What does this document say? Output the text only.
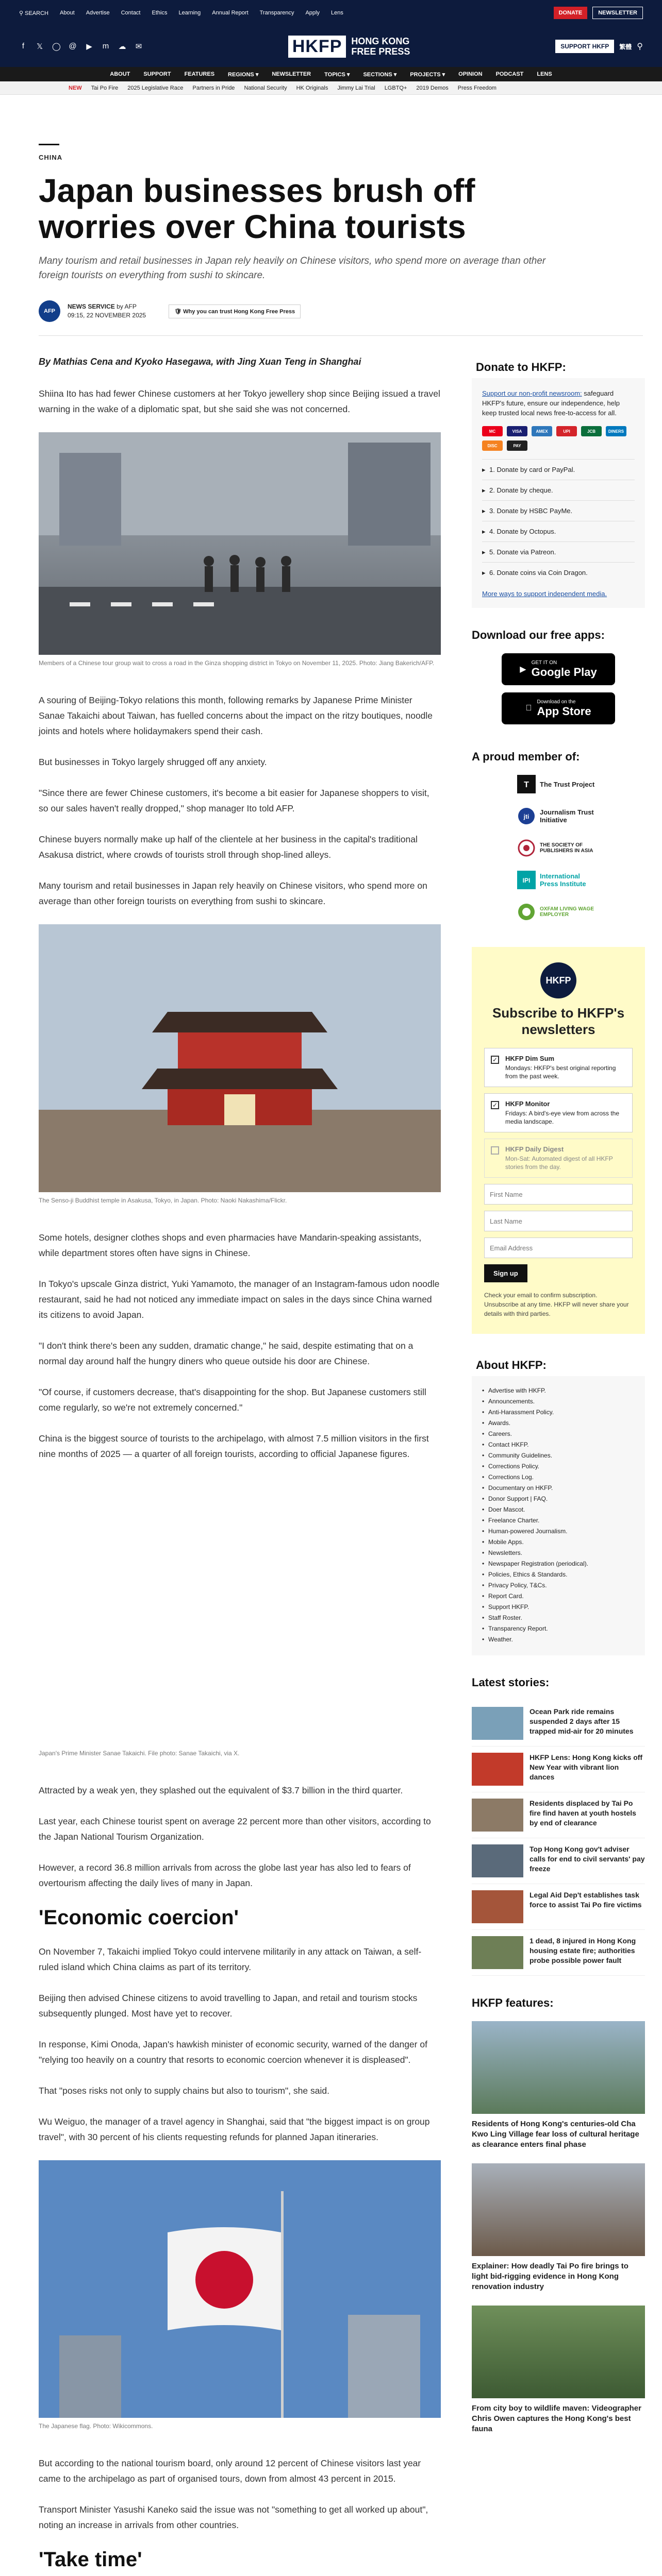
⚲ SEARCH About Advertise Contact Ethics Learning Annual Report Transparency Apply Lens	DONATE	NEWSLETTER
f	𝕏 ◯ @ ▶ m ☁ ✉	HKFP	HONG KONG
FREE PRESS	SUPPORT HKFP	繁體 ⚲
ABOUT SUPPORT FEATURES REGIONS ▾ NEWSLETTER TOPICS ▾ SECTIONS ▾ PROJECTS ▾ OPINION PODCAST LENS
NEW Tai Po Fire 2025 Legislative Race Partners in Pride National Security HK Originals Jimmy Lai Trial LGBTQ+ 2019 Demos Press Freedom
CHINA
Japan businesses brush off worries over China tourists
Many tourism and retail businesses in Japan rely heavily on Chinese visitors, who spend more on average than other foreign tourists on everything from sushi to skincare.
AFP
NEWS SERVICE by AFP
09:15, 22 NOVEMBER 2025
🛡 Why you can trust Hong Kong Free Press
By Mathias Cena and Kyoko Hasegawa, with Jing Xuan Teng in Shanghai

Shiina Ito has had fewer Chinese customers at her Tokyo jewellery shop since Beijing issued a travel warning in the wake of a diplomatic spat, but she said she was not concerned.

Members of a Chinese tour group wait to cross a road in the Ginza shopping district in Tokyo on November 11, 2025. Photo: Jiang Bakerich/AFP.

A souring of Beijing-Tokyo relations this month, following remarks by Japanese Prime Minister Sanae Takaichi about Taiwan, has fuelled concerns about the impact on the ritzy boutiques, noodle joints and hotels where holidaymakers spend their cash.

But businesses in Tokyo largely shrugged off any anxiety.

"Since there are fewer Chinese customers, it's become a bit easier for Japanese shoppers to visit, so our sales haven't really dropped," shop manager Ito told AFP.

Chinese buyers normally make up half of the clientele at her business in the capital's traditional Asakusa district, where crowds of tourists stroll through shop-lined alleys.

Many tourism and retail businesses in Japan rely heavily on Chinese visitors, who spend more on average than other foreign tourists on everything from sushi to skincare.

The Senso-ji Buddhist temple in Asakusa, Tokyo, in Japan. Photo: Naoki Nakashima/Flickr.

Some hotels, designer clothes shops and even pharmacies have Mandarin-speaking assistants, while department stores often have signs in Chinese.

In Tokyo's upscale Ginza district, Yuki Yamamoto, the manager of an Instagram-famous udon noodle restaurant, said he had not noticed any immediate impact on sales in the days since China warned its citizens to avoid Japan.

"I don't think there's been any sudden, dramatic change," he said, despite estimating that on a normal day around half the hungry diners who queue outside his door are Chinese.

"Of course, if customers decrease, that's disappointing for the shop. But Japanese customers still come regularly, so we're not extremely concerned."

China is the biggest source of tourists to the archipelago, with almost 7.5 million visitors in the first nine months of 2025 — a quarter of all foreign tourists, according to official Japanese figures.

Japan's Prime Minister Sanae Takaichi. File photo: Sanae Takaichi, via X.

Attracted by a weak yen, they splashed out the equivalent of $3.7 billion in the third quarter.

Last year, each Chinese tourist spent on average 22 percent more than other visitors, according to the Japan National Tourism Organization.

However, a record 36.8 million arrivals from across the globe last year has also led to fears of overtourism affecting the daily lives of many in Japan.

'Economic coercion'

On November 7, Takaichi implied Tokyo could intervene militarily in any attack on Taiwan, a self-ruled island which China claims as part of its territory.

Beijing then advised Chinese citizens to avoid travelling to Japan, and retail and tourism stocks subsequently plunged. Most have yet to recover.

In response, Kimi Onoda, Japan's hawkish minister of economic security, warned of the danger of "relying too heavily on a country that resorts to economic coercion whenever it is displeased".

That "poses risks not only to supply chains but also to tourism", she said.

Wu Weiguo, the manager of a travel agency in Shanghai, said that "the biggest impact is on group travel", with 30 percent of his clients requesting refunds for planned Japan itineraries.

The Japanese flag. Photo: Wikicommons.

But according to the national tourism board, only around 12 percent of Chinese visitors last year came to the archipelago as part of organised tours, down from almost 43 percent in 2015.

Transport Minister Yasushi Kaneko said the issue was not "something to get all worked up about", noting an increase in arrivals from other countries.

'Take time'

Donate to HKFP:
Support our non-profit newsroom: safeguard HKFP's future, ensure our independence, help keep trusted local news free-to-access for all.
MC	VISA	AMEX	UPI	JCB	DINERS
DISC	PAY
▸ 1. Donate by card or PayPal.
▸ 2. Donate by cheque.
▸ 3. Donate by HSBC PayMe.
▸ 4. Donate by Octopus.
▸ 5. Donate via Patreon.
▸ 6. Donate coins via Coin Dragon.
More ways to support independent media.
Download our free apps:
▶
GET IT ON
Google Play
Download on the
App Store
A proud member of:
T The Trust Project
jti
Journalism Trust Initiative
THE SOCIETY OF PUBLISHERS IN ASIA
IPI
International Press Institute
OXFAM LIVING WAGE EMPLOYER
HKFP
Subscribe to HKFP's newsletters
✓ HKFP Dim Sum
Mondays: HKFP's best original reporting from the past week.
✓ HKFP Monitor
Fridays: A bird's-eye view from across the media landscape.
HKFP Daily Digest
Mon-Sat: Automated digest of all HKFP stories from the day.
First Name
Last Name
Email Address
Sign up
Check your email to confirm subscription. Unsubscribe at any time. HKFP will never share your details with third parties.
About HKFP:
• Advertise with HKFP.
• Announcements.
• Anti-Harassment Policy.
• Awards.
• Careers.
• Contact HKFP.
• Community Guidelines.
• Corrections Policy.
• Corrections Log.
• Documentary on HKFP.
• Donor Support | FAQ.
• Doer Mascot.
• Freelance Charter.
• Human-powered Journalism.
• Mobile Apps.
• Newsletters.
• Newspaper Registration (periodical).
• Policies, Ethics & Standards.
• Privacy Policy, T&Cs.
• Report Card.
• Support HKFP.
• Staff Roster.
• Transparency Report.
• Weather.
Latest stories:
Ocean Park ride remains suspended 2 days after 15 trapped mid-air for 20 minutes
HKFP Lens: Hong Kong kicks off New Year with vibrant lion dances
Residents displaced by Tai Po fire find haven at youth hostels by end of clearance
Top Hong Kong gov't adviser calls for end to civil servants' pay freeze
Legal Aid Dep't establishes task force to assist Tai Po fire victims
1 dead, 8 injured in Hong Kong housing estate fire; authorities probe possible power fault
HKFP features:
Residents of Hong Kong's centuries-old Cha Kwo Ling Village fear loss of cultural heritage as clearance enters final phase
Explainer: How deadly Tai Po fire brings to light bid-rigging evidence in Hong Kong renovation industry
From city boy to wildlife maven: Videographer Chris Owen captures the Hong Kong's best fauna
